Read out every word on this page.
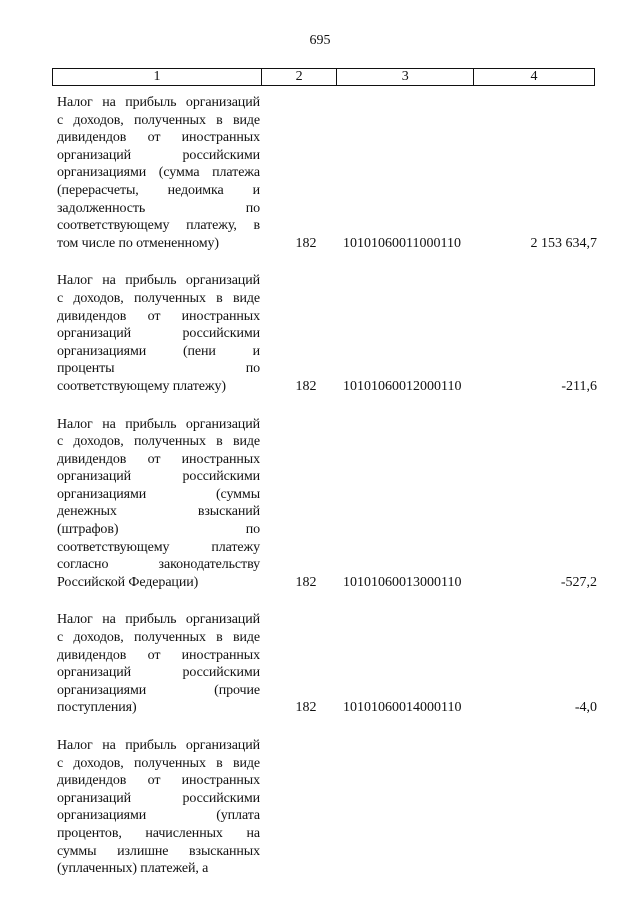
695
1	2	3	4
Налог на прибыль организаций
с доходов, полученных в виде
дивидендов от иностранных
организаций российскими
организациями (сумма платежа
(перерасчеты, недоимка и
задолженность по
соответствующему платежу, в
том числе по отмененному)	182	10101060011000110	2 153 634,7
Налог на прибыль организаций
с доходов, полученных в виде
дивидендов от иностранных
организаций российскими
организациями (пени и
проценты по
соответствующему платежу)	182	10101060012000110	-211,6
Налог на прибыль организаций
с доходов, полученных в виде
дивидендов от иностранных
организаций российскими
организациями (суммы
денежных взысканий
(штрафов) по
соответствующему платежу
согласно законодательству
Российской Федерации)	182	10101060013000110	-527,2
Налог на прибыль организаций
с доходов, полученных в виде
дивидендов от иностранных
организаций российскими
организациями (прочие
поступления)	182	10101060014000110	-4,0
Налог на прибыль организаций
с доходов, полученных в виде
дивидендов от иностранных
организаций российскими
организациями (уплата
процентов, начисленных на
суммы излишне взысканных
(уплаченных) платежей, а
